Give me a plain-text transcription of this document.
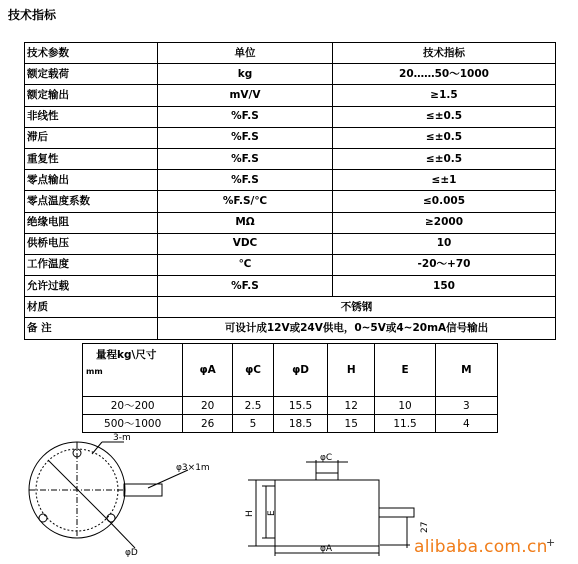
技术指标
技术参数	单位	技术指标
额定载荷	kg	20……50～1000
额定输出	mV/V	≥1.5
非线性	%F.S	≤±0.5
滞后	%F.S	≤±0.5
重复性	%F.S	≤±0.5
零点输出	%F.S	≤±1
零点温度系数	%F.S/℃	≤0.005
绝缘电阻	MΩ	≥2000
供桥电压	VDC	10
工作温度	℃	-20～+70
允许过载	%F.S	150
材质	不锈钢	
备 注	可设计成12V或24V供电，0~5V或4~20mA信号输出	
量程kg\尺寸
mm	φA	φC	φD	H	E	M
20～200	20	2.5	15.5	12	10	3
500～1000	26	5	18.5	15	11.5	4
3-m
φ3×1m
φD
φC
H E
φA
27
alibaba.com.cn
+
